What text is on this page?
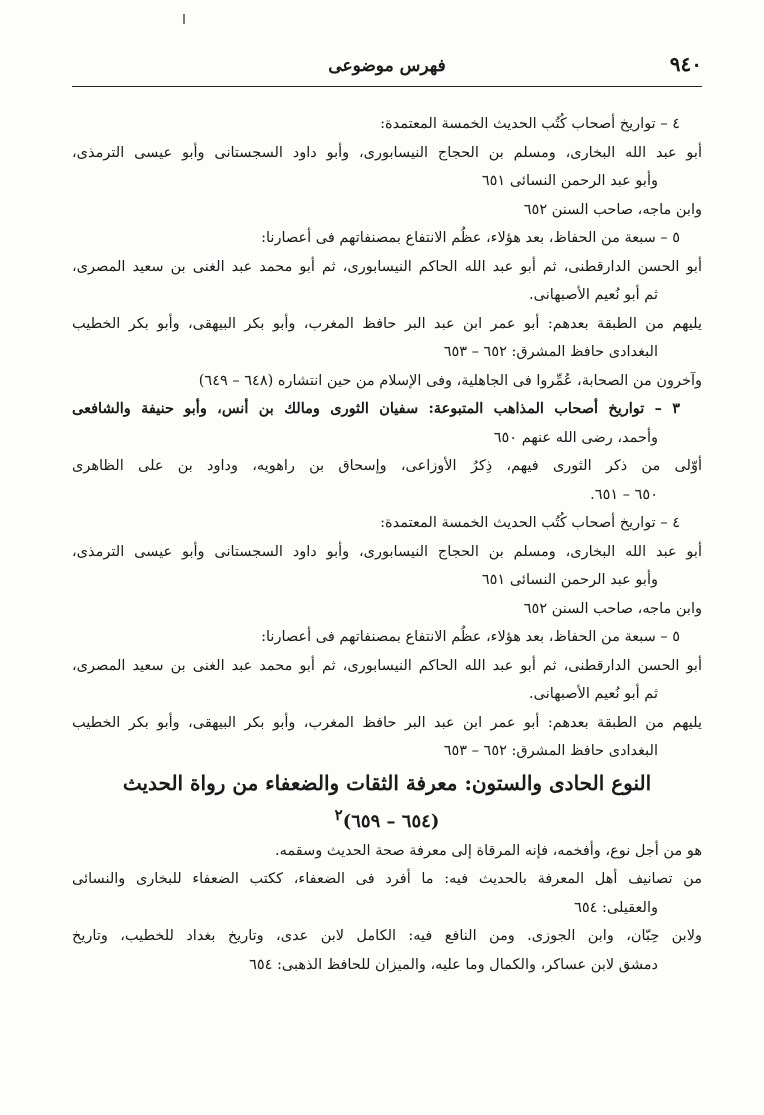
٩٤٠
فهرس موضوعى
٤ – تواريخ أصحاب كُتُب الحديث الخمسة المعتمدة:
أبو عبد الله البخارى، ومسلم بن الحجاج النيسابورى، وأبو داود السجستانى وأبو عيسى الترمذى،
وأبو عبد الرحمن النسائى ٦٥١
وابن ماجه، صاحب السنن ٦٥٢
٥ – سبعة من الحفاظ، بعد هؤلاء، عظُم الانتفاع بمصنفاتهم فى أعصارنا:
أبو الحسن الدارقطنى، ثم أبو عبد الله الحاكم النيسابورى، ثم أبو محمد عبد الغنى بن سعيد المصرى،
ثم أبو نُعيم الأصبهانى.
يليهم من الطبقة بعدهم: أبو عمر ابن عبد البر حافظ المغرب، وأبو بكر البيهقى، وأبو بكر الخطيب
البغدادى حافظ المشرق: ٦٥٢ – ٦٥٣
وآخرون من الصحابة، عُمِّروا فى الجاهلية، وفى الإسلام من حين انتشاره (٦٤٨ – ٦٤٩)
٣ – تواريخ أصحاب المذاهب المتبوعة: سفيان الثورى ومالك بن أنس، وأبو حنيفة والشافعى
وأحمد، رضى الله عنهم ٦٥٠
أوّلى من ذكر الثورى فيهم، ذِكرُ الأوزاعى، وإسحاق بن راهويه، وداود بن على الظاهرى
٦٥٠ – ٦٥١.
٤ – تواريخ أصحاب كُتُب الحديث الخمسة المعتمدة:
أبو عبد الله البخارى، ومسلم بن الحجاج النيسابورى، وأبو داود السجستانى وأبو عيسى الترمذى،
وأبو عبد الرحمن النسائى ٦٥١
وابن ماجه، صاحب السنن ٦٥٢
٥ – سبعة من الحفاظ، بعد هؤلاء، عظُم الانتفاع بمصنفاتهم فى أعصارنا:
أبو الحسن الدارقطنى، ثم أبو عبد الله الحاكم النيسابورى، ثم أبو محمد عبد الغنى بن سعيد المصرى،
ثم أبو نُعيم الأصبهانى.
يليهم من الطبقة بعدهم: أبو عمر ابن عبد البر حافظ المغرب، وأبو بكر البيهقى، وأبو بكر الخطيب
البغدادى حافظ المشرق: ٦٥٢ – ٦٥٣
النوع الحادى والستون: معرفة الثقات والضعفاء من رواة الحديث
(٦٥٤ – ٦٥٩)$^٢$
هو من أجل نوع، وأفخمه، فإنه المرقاة إلى معرفة صحة الحديث وسقمه.
من تصانيف أهل المعرفة بالحديث فيه: ما أفرد فى الضعفاء، ككتب الضعفاء للبخارى والنسائى
والعقيلى: ٦٥٤
ولابن حِبّان، وابن الجوزى. ومن النافع فيه: الكامل لابن عدى، وتاريخ بغداد للخطيب، وتاريخ
دمشق لابن عساكر، والكمال وما عليه، والميزان للحافظ الذهبى: ٦٥٤
